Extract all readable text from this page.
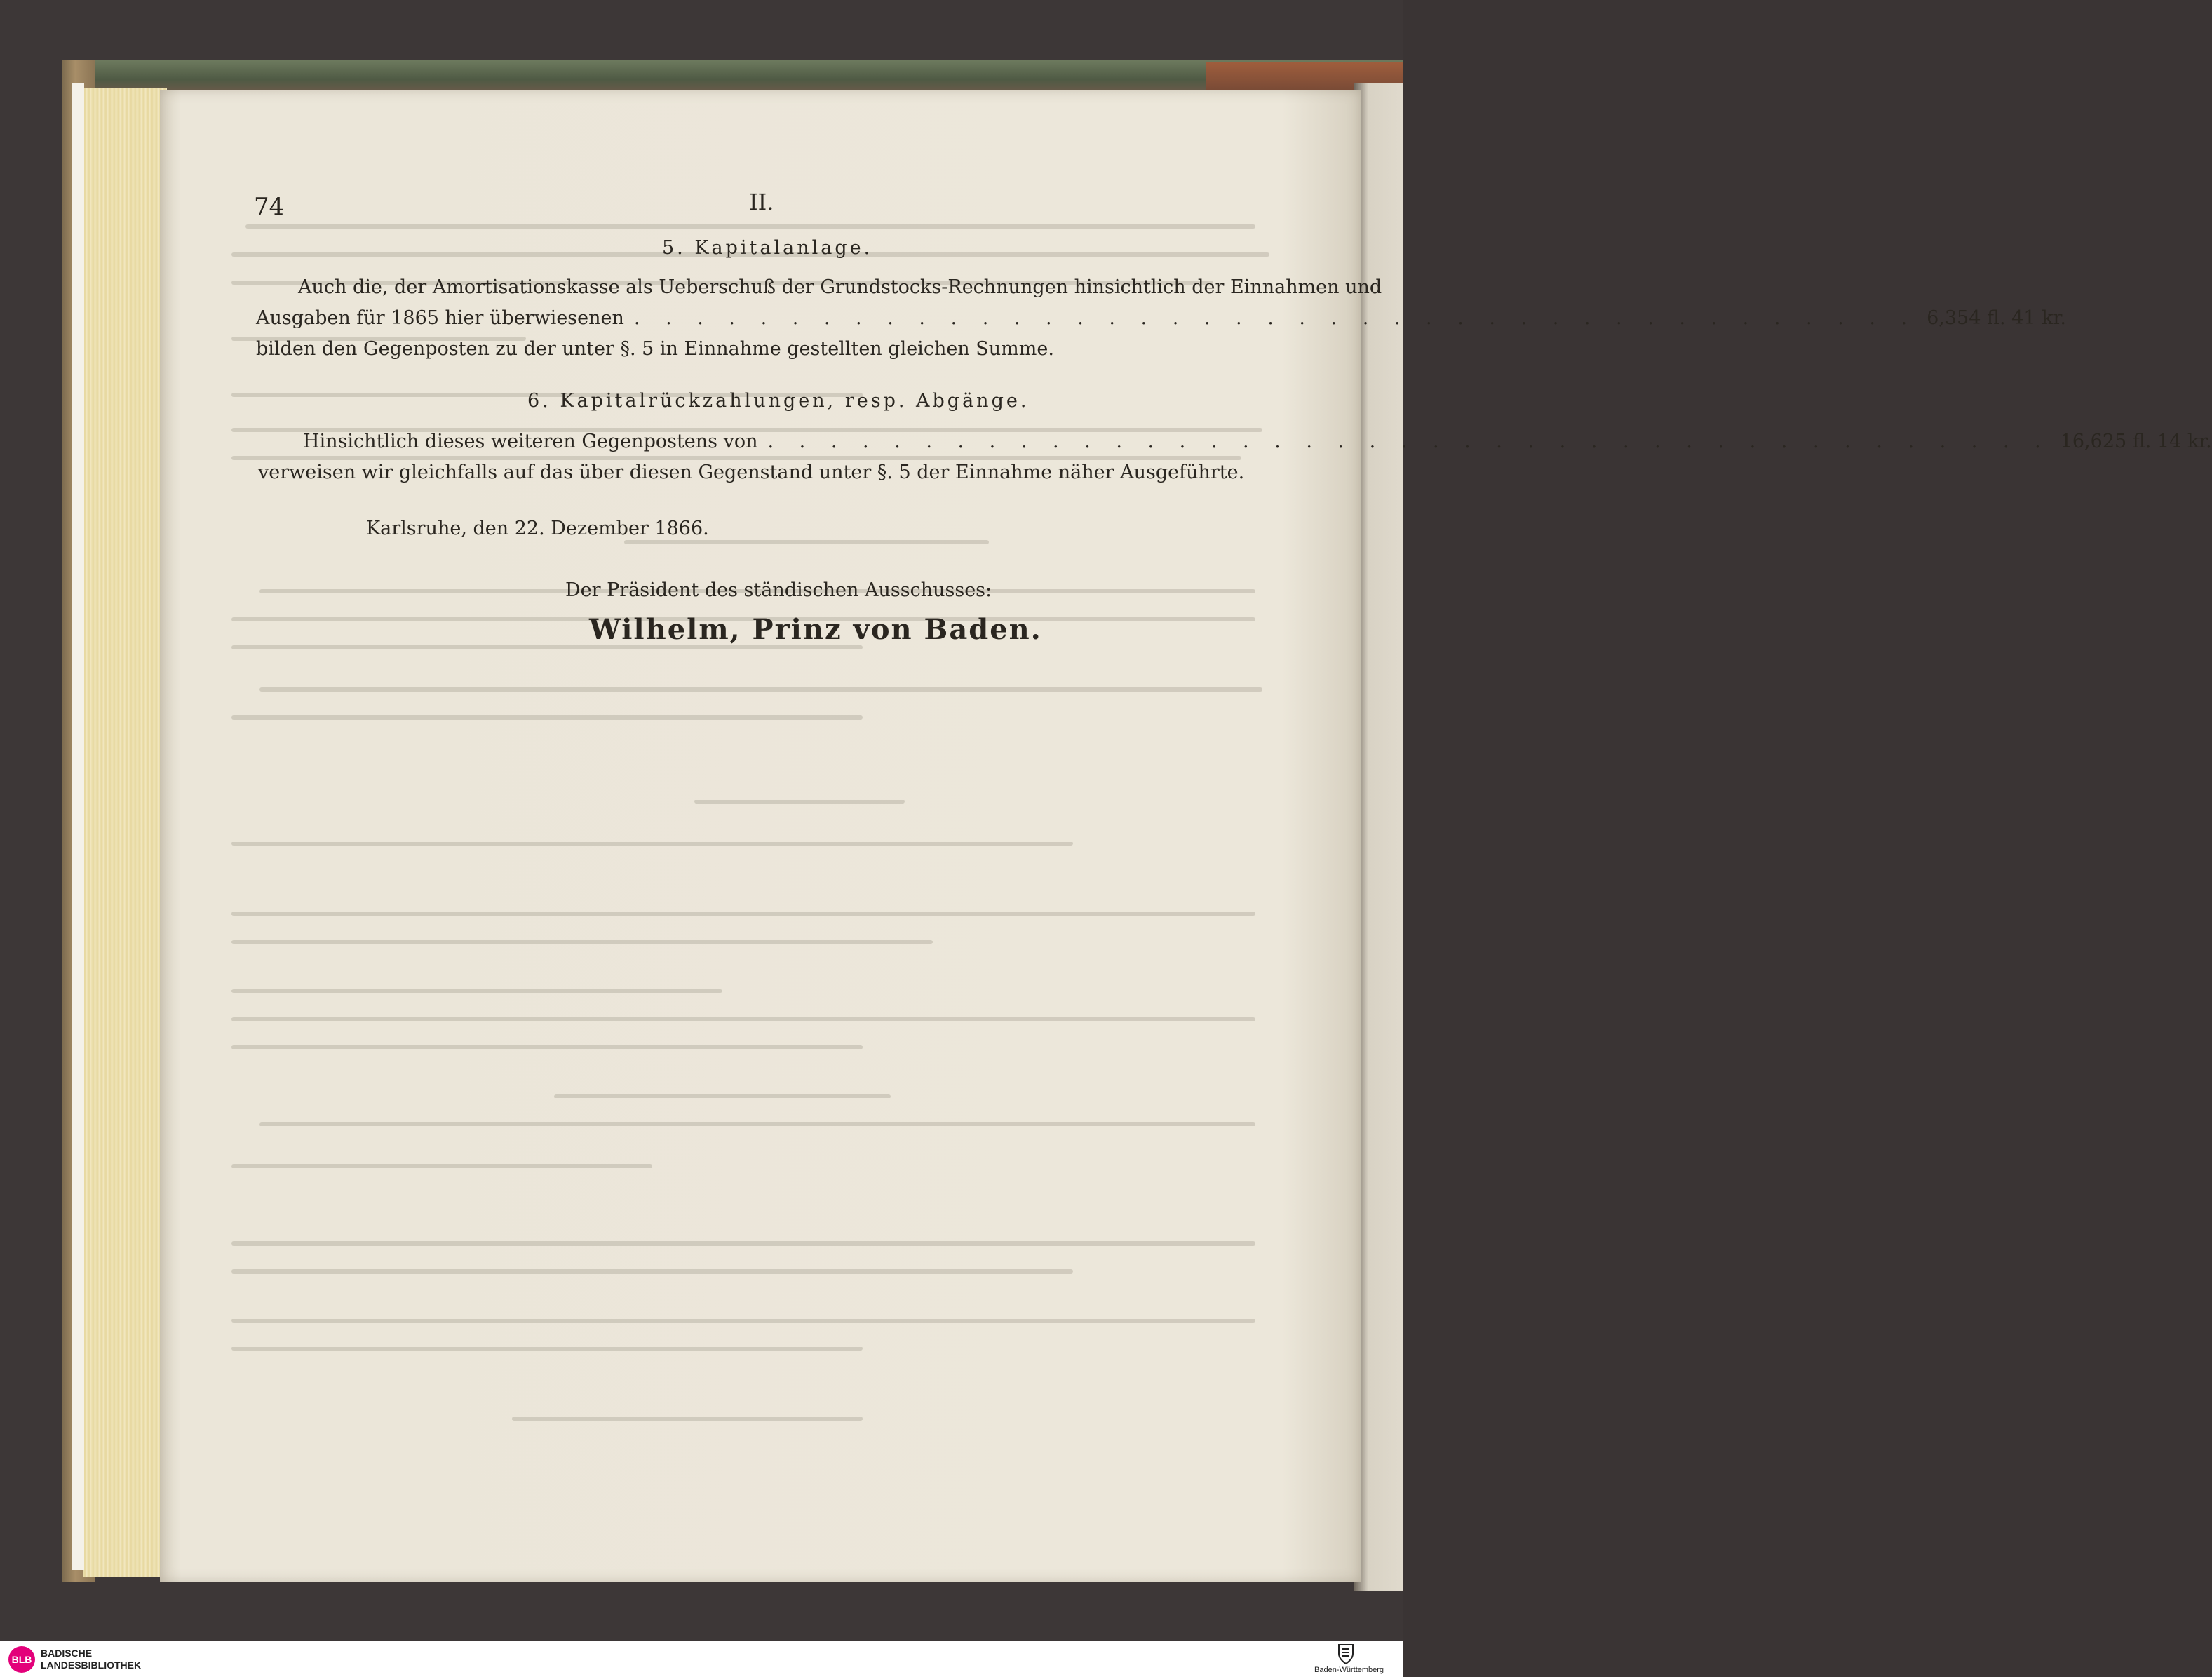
74	II.
5. Kapitalanlage.
Auch die, der Amortisationskasse als Ueberschuß der Grundstocks-Rechnungen hinsichtlich der Einnahmen und
Ausgaben für 1865 hier überwiesenen . . . . . . . . . . . . . . . . . . . . . . . . . . . . . . . . . . . . . . . . . 6,354 fl. 41 kr.
bilden den Gegenposten zu der unter §. 5 in Einnahme gestellten gleichen Summe.
6. Kapitalrückzahlungen, resp. Abgänge.
Hinsichtlich dieses weiteren Gegenpostens von . . . . . . . . . . . . . . . . . . . . . . . . . . . . . . . . . . . . . . . . . 16,625 fl. 14 kr.
verweisen wir gleichfalls auf das über diesen Gegenstand unter §. 5 der Einnahme näher Ausgeführte.
Karlsruhe, den 22. Dezember 1866.
Der Präsident des ständischen Ausschusses:
Wilhelm, Prinz von Baden.
BLB
BADISCHE
LANDESBIBLIOTHEK	Baden-Württemberg
